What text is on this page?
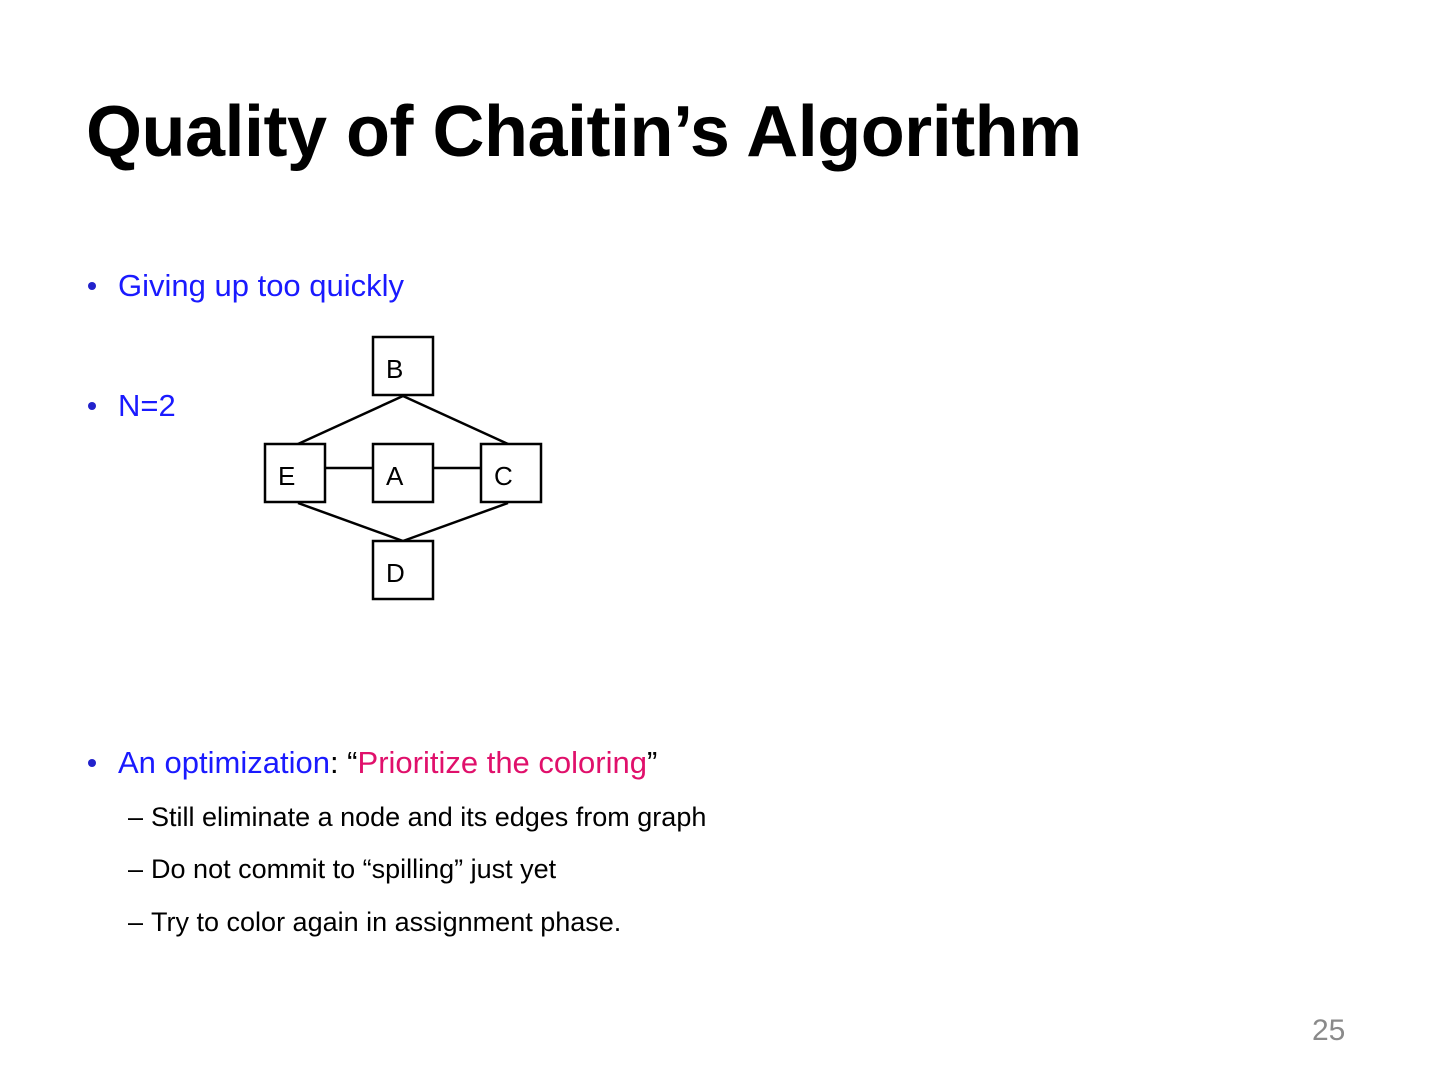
Quality of Chaitin’s Algorithm
Giving up too quickly
N=2
B
E	A	C
D
An optimization : “ Prioritize the coloring ”
– Still eliminate a node and its edges from graph
– Do not commit to “spilling” just yet
– Try to color again in assignment phase.
25
